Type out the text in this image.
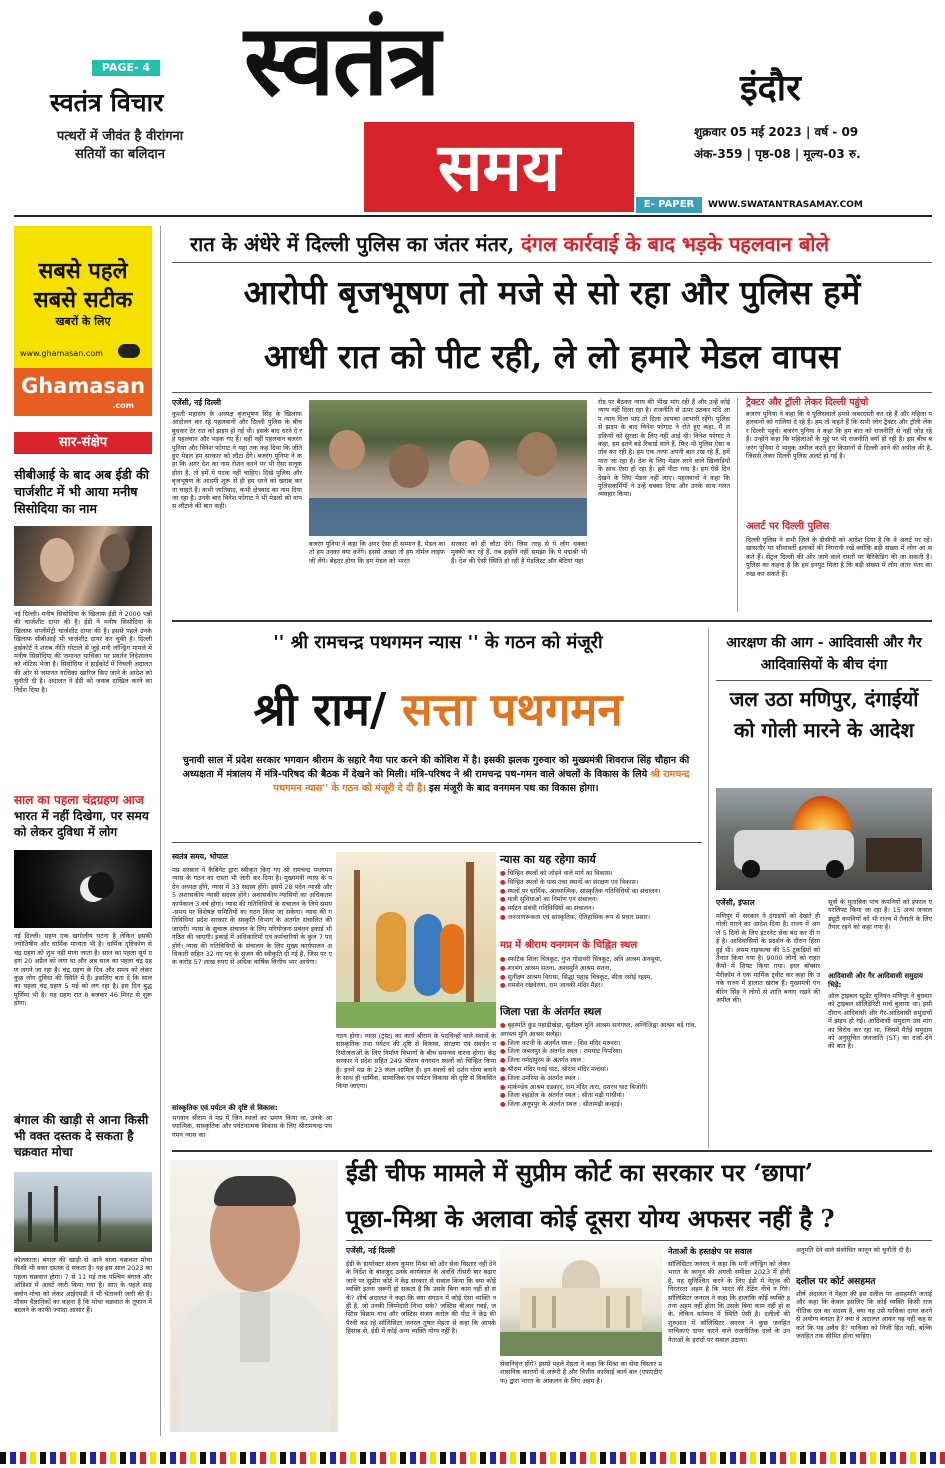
PAGE- 4
स्वतंत्र विचार
पत्थरों में जीवंत है वीरांगना सतियों का बलिदान
स्वतंत्र
समय
इंदौर
शुक्रवार 05 मई 2023 | वर्ष - 09
अंक-359 | पृष्ठ-08 | मूल्य-03 रु.
E- PAPER	WWW.SWATANTRASAMAY.COM
सबसे पहले
सबसे सटीक
खबरों के लिए
www.ghamasan.com
Ghamasan
.com
सार-संक्षेप
सीबीआई के बाद अब ईडी की चार्जशीट में भी आया मनीष सिसोदिया का नाम
नई दिल्ली। मनीष सिसोदिया के खिलाफ ईडी ने 2000 पन्नों की चार्जशीट दायर की है। ईडी ने मनीष सिसोदिया के खिलाफ सप्लीमेंट्री चार्जशीट दायर की है। इससे पहले उनके खिलाफ सीबीआई भी चार्जशीट दायर कर चुकी है। दिल्ली हाईकोर्ट ने शराब नीति घोटाले से जुड़े मनी लॉन्ड्रिंग मामले में मनीष सिसोदिया की जमानत याचिका पर प्रवर्तन निदेशालय को नोटिस भेजा है। सिसोदिया ने हाईकोर्ट में निचली अदालत की ओर से जमानत याचिका खारिज किए जाने के आदेश को चुनौती दी है। अदालत ने ईडी को जवाब दाखिल करने का निर्देश दिया है।
साल का पहला चंद्रग्रहण आज
भारत में नहीं दिखेगा, पर समय को लेकर दुविधा में लोग
नई दिल्ली। ग्रहण एक खगोलीय घटना है लेकिन इसकी ज्योतिषीय और धार्मिक मान्यता भी है। धार्मिक दृष्टिकोण से चंद्र ग्रहण को शुभ नहीं माना जाता है। साल का पहला सूर्य ग्रहण 20 अप्रैल को लगा था और अब साल का पहला चंद्र ग्रहण लगने जा रहा है। चंद्र ग्रहण के दिन और समय को लेकर कुछ लोग दुविधा की स्थिति में हैं। इसलिए बता दें कि साल का पहला चंद्र ग्रहण 5 मई को लग रहा है। इस दिन बुद्ध पूर्णिमा भी है। यह ग्रहण रात 8 बजकर 46 मिनट से शुरू होगा।
बंगाल की खाड़ी से आना किसी भी वक्त दस्तक दे सकता है चक्रवात मोचा
कोलकाता। बंगाल की खाड़ी से आने वाला चक्रवात मोचा किसी भी वक्त दस्तक दे सकता है। यह इस साल 2023 का पहला चक्रवात होगा। 7 से 11 मई तक पश्चिम बंगाल और ओडिशा में अलर्ट जारी किया गया है। सात के पहले साइक्लोन मोचा को लेकर आईएमडी ने भी चेतावनी जारी की है। मौसम वैज्ञानिकों का कहना है कि मोचा चक्रवात के तूफान में बदलने के काफी ज्यादा आसार हैं।
रात के अंधेरे में दिल्ली पुलिस का जंतर मंतर, दंगल कार्रवाई के बाद भड़के पहलवान बोले
आरोपी बृजभूषण तो मजे से सो रहा और पुलिस हमें
आधी रात को पीट रही, ले लो हमारे मेडल वापस
एजेंसी, नई दिल्ली
कुश्ती महासंघ के अध्यक्ष बृजभूषण सिंह के खिलाफ आंदोलन कर रहे पहलवानों और दिल्ली पुलिस के बीच बुधवार देर रात को झड़प हो गई थी। इसके बाद धरने दे रहे पहलवान और भड़क गए हैं। वहीं नहीं पहलवान बजरंग पूनिया और विनेश फोगाट ने यहां तक कह दिया कि जीते हुए मेडल हम सरकार को लौटा देंगे। बजरंग पूनिया ने कहा कि अगर देश का नाम रोशन करने पर भी ऐसा सलूक होता है, तो हमें ये पदक नहीं चाहिए। दिखे पुलिस और बृजभूषण के आदमी शुरू से ही हम धरने को खराब करना चाहते हैं। कभी जातिवाद, कभी क्षेत्रवाद का नाम दिया जा रहा है। उनके बाद विनेश फोगाट ने भी मेडलों को वापस लौटाने की बात कही।
बजरंग पूनिया ने कहा कि अगर ऐसा ही सम्मान है, मेडल का तो हम उनका क्या करेंगे। इससे अच्छा तो हम नॉर्मल लाइफ जी लेंगे। बेहतर होगा कि हम मेडल को भारत
सरकार को ही लौटा देंगे। जिस तरह से ये लोग धक्का मुक्की कर रहे हैं, तब इन्होंने नहीं समझा कि ये पद्मश्री भी हैं। देश की ऐसी स्थिति हो रही है मेडलिस्ट और बेटियां यहां
रोड पर बैठकर न्याय की भीख मांग रही हैं और उन्हें कोई न्याय नहीं दिला रहा है। राजनीति से ऊपर उठकर यदि आप न्याय दिला पाएं तो दिला आपका आभारी रहेंगे। पुलिस से झड़प के बाद विनेश फोगाट ने रोते हुए कहा, मैं लड़कियों को सुरक्षा के लिए नहीं आई थी। विनेश फोगाट ने कहा, हम इतने बड़े रिकार्ड वाले हैं, फिर भी पुलिस ऐसा बर्ताव कर रही है। हम एक तरफ अपनी बात रख रहे हैं, हमें मारा जा रहा है। देश के लिए मेडल लाने वाले खिलाड़ियों के साथ ऐसा हो रहा है। हमें पीटा गया है। हम ऐसे दिन देखने के लिए मेडल नहीं लाए। पहलवानों ने कहा कि पुलिसकर्मियों ने उन्हें धक्का दिया और उनके साथ गलत व्यवहार किया।
ट्रैक्टर और ट्रॉली लेकर दिल्ली पहुंचो
बजरंग पूनिया ने कहा कि ये पुलिसवाले हमसे जबरदस्ती कर रहे हैं और महिला पहलवानों को गालियां दे रहे हैं। हम तो कहते हैं कि सभी लोग ट्रैक्टर और ट्रॉली लेकर दिल्ली पहुंचें। बजरंग पूनिया ने कहा कि हम बात को राजनीति से नहीं जोड़ रहे हैं। उन्होंने कहा कि महिलाओं के मुद्दे पर भी राजनीति क्यों हो रही है। इस बीच बजरंग पूनिया ने भावुक अपील करते हुए किसानों से दिल्ली आने की अपील की है, जिससे लेकर दिल्ली पुलिस अलर्ट हो गई है।
अलर्ट पर दिल्ली पुलिस
दिल्ली पुलिस ने सभी जिले के डीसीपी को आदेश दिया है कि वे अलर्ट पर रहें। खासतौर पर सीमावर्ती इलाकों की निगरानी रखें क्योंकि बड़ी संख्या में लोग आ सकते हैं। सेंट्रल दिल्ली की ओर जाने वाले रास्तों पर बैरिकेडिंग की जा सकती है। पुलिस का कहना है कि हम इनपुट मिला है कि बड़ी संख्या में लोग जंतर मंतर का रुख कर सकते हैं।
'' श्री रामचन्द्र पथगमन न्यास '' के गठन को मंजूरी
श्री राम/ सत्ता पथगमन
चुनावी साल में प्रदेश सरकार भगवान श्रीराम के सहारे नैया पार करने की कोशिश में है। इसकी झलक गुरुवार को मुख्यमंत्री शिवराज सिंह चौहान की अध्यक्षता में मंत्रालय में मंत्रि-परिषद की बैठक में देखने को मिली। मंत्रि-परिषद ने श्री रामचन्द्र पथ-गमन वाले अंचलों के विकास के लिये श्री रामचन्द्र पथगमन न्यास'' के गठन को मंजूरी दे दी है। इस मंजूरी के बाद वनगमन पथ का विकास होगा।
स्वतंत्र समय, भोपाल
मप्र सरकार ने कैबिनेट द्वारा स्वीकृत किए गए श्री रामचन्द्र पथगमन न्यास के गठन का रास्ता भी जारी कर दिया है। मुख्यमंत्री न्यास के पदेन अध्यक्ष होंगे, न्यास में 33 सदस्य होंगे। इसमें 28 पदेन न्यासी और 5 अशासकीय न्यासी सदस्य होंगे। अशासकीय न्यासियों का अधिकतम कार्यकाल 3 वर्ष होगा। न्यास की गतिविधियों के संचालन के लिये समय-समय पर विशेषज्ञ समितियों का गठन किया जा सकेगा। न्यास की गतिविधियां प्रदेश सरकार के संस्कृति विभाग के अंतर्गत संचालित की जाएंगी। न्यास के सुचारू संचालन के लिए परियोजना प्रबंधन इकाई भी गठित की जाएगी। इकाई में अधिकारियों एवं कर्मचारियों के कुल 7 पद होंगे। न्यास की गतिविधियों के संचालन के लिए मुख्य कार्यपालन अधिकारी सहित 32 नए पद के सृजन की स्वीकृति दी गई है, जिस पर एक करोड़ 57 लाख रुपए से अधिक वार्षिक वित्तीय भार आयेगा।
सांस्कृतिक एवं पर्यटन की दृष्टि से विकास:
भगवान श्रीराम ने मप्र में जिन स्थलों का भ्रमण किया था, उनके आध्यात्मिक, सांस्कृतिक और पर्यटनात्मक विकास के लिए श्रीरामचन्द्र पथगमन न्यास का
गठन होगा। न्यास (ट्रस्ट) का कार्य श्रीराम के पदचिन्हों वाले स्थानों के सांस्कृतिक तथा पर्यटन की दृष्टि से विकास, संरक्षण एवं संवर्धन परियोजनाओं के लिए निर्माण विभागों के बीच समन्वय करना होगा। केंद्र सरकार ने प्रदेश सहित 249 श्रीराम वनगमन स्थलों को चिन्हित किया है। इनमें मप्र के 23 स्थल शामिल हैं। इन स्थलों को दर्शन योग्य बनाने के साथ ही धार्मिक, सामाजिक एवं पर्यटन विकास की दृष्टि से विकसित किया जाएगा।
न्यास का यह रहेगा कार्य
● चिन्हित स्थलों को जोड़ने वाले मार्ग का विकास।
● चिन्हित स्थलों के पास तथा स्थानों का संरक्षण एवं विकास।
● स्थलों पर धार्मिक, आध्यात्मिक, सांस्कृतिक गतिविधियों का संचालन।
● यात्री सुविधाओं का निर्माण एवं संचालन।
● पर्यटन संबंधी गतिविधियों का संचालन।
● जनजागरूकता एवं सांस्कृतिक, ऐतिहासिक रूप से प्रचार प्रसार।
मप्र में श्रीराम वनगमन के चिह्नित स्थल
● स्फटिक शिला चित्रकूट, गुप्त गोदावरी चित्रकूट, अत्रि आश्रम अनसूया,
● शरभंग आश्रम सतना, अश्वमुनि आश्रम सतना,
● सुतीक्ष्ण आश्रम विराधा, सिद्धा पहाड़ चित्रकूट, सीता रसोई रहस्य,
● रामसेन रखवेरणा, राम जानकी मंदिर मैहर।
जिला पन्ना के अंतर्गत स्थल
● बृहस्पति कुंड पहाड़ीखेड़ा, सुतीक्ष्ण मुनि आश्रम सारंगधर, अग्निजिह्वा आश्रम बड़े गांव, अगस्त्य मुनि आश्रम सलेहा।
● जिला कटनी के अंतर्गत स्थल : शिव मंदिर मरुवरा।
● जिला जबलपुर के अंतर्गत स्थल : रामघाट पिपरिया।
● जिला नर्मदापुरम के अंतर्गत स्थल :
● श्रीराम मंदिर पवई घाट, श्रीराम मंदिर मन्दसा।
● जिला उमरिया के अंतर्गत स्थल :
● मार्कण्डेय आश्रम दंडकार, राम मंदिर तारा, दशरथ घाट बिजोरी।
● जिला शहडोल के अंतर्गत स्थल : सीता मढ़ी गांधीयां।
● जिला अनूपपुर के अंतर्गत स्थल : सीतामढ़ी कन्हाई।
आरक्षण की आग - आदिवासी और गैर आदिवासियों के बीच दंगा
जल उठा मणिपुर, दंगाईयों को गोली मारने के आदेश
एजेंसी, इंफाल
मणिपुर में सरकार ने दंगाइयों को देखते ही गोली मारने का आदेश दिया है। राज्य में अगले 5 दिनों के लिए इंटरनेट सेवा बंद कर दी गई है। आदिवासियों के प्रदर्शन के दौरान हिंसा हुई थी। असम राइफल्स की 55 टुकड़ियों को तैनात किया गया है। 9000 लोगों को राहत कैंपों में शिफ्ट किया गया। इधर बॉक्सर मैरीकॉम ने एक मार्मिक ट्वीट कर कहा कि उनके राज्य में हालात खराब हैं। मुख्यमंत्री एन बीरेन सिंह ने लोगों से शांति बनाए रखने की अपील की।
सूत्रों के मुताबिक पांच कंपनियों को इंफाल एयरलिफ्ट किया जा रहा है। 15 अन्य जनरल ड्यूटी कंपनियों को भी राज्य में तैनाती के लिए तैयार रहने को कहा गया है।
आदिवासी और गैर आदिवासी समुदाय भिड़े:
ऑल ट्राइबल स्टूडेंट यूनियन मणिपुर ने बुधवार को ट्राइबल सॉलिडेरिटी मार्च बुलाया था। इसी दौरान आदिवासी और गैर-आदिवासी समुदायों में झड़प हो गई। आदिवासी समुदाय उस मांग का विरोध कर रहा था, जिसमें मैतेई समुदाय को अनुसूचित जनजाति (ST) का दर्जा देने की बात है।
ईडी चीफ मामले में सुप्रीम कोर्ट का सरकार पर ‘छापा’
पूछा-मिश्रा के अलावा कोई दूसरा योग्य अफसर नहीं है ?
एजेंसी, नई दिल्ली
ईडी के डायरेक्टर संजय कुमार मिश्रा को और सेवा विस्तार नहीं देने के निर्देश के बावजूद उनके कार्यकाल के अवधि तीसरी बार बढ़ाए जाने पर सुप्रीम कोर्ट ने केंद्र सरकार से सवाल किया कि क्या कोई व्यक्ति इतना जरूरी हो सकता है कि उसके बिना काम नहीं हो सके? शीर्ष अदालत ने कहा कि क्या संगठन में कोई ऐसा व्यक्ति नहीं है, जो उनकी जिम्मेदारी निभा सके? जस्टिस बीआर गवई, जस्टिस विक्रम नाथ और जस्टिस संजय करोल की पीठ ने केंद्र की पैरवी कर रहे सॉलिसिटर जनरल तुषार मेहता से कहा कि आपके हिसाब से, ईडी में कोई अन्य व्यक्ति योग्य नहीं है।
सेवानिवृत्त होंगे? इससे पहले मेहता ने कहा कि मिश्रा का सेवा विस्तार प्रशासनिक कारणों से जरूरी है और वित्तीय कार्रवाई कार्य बल (एफएटीएफ) द्वारा भारत के आकलन के लिए अहम है।
नेताओं के हस्तक्षेप पर सवाल
सॉलिसिटर जनरल ने कहा कि मनी लॉन्ड्रिंग को लेकर भारत के कानून की अगली समीक्षा 2023 में होनी है, यह सुनिश्चित करने के लिए ईडी में नेतृत्व की निरंतरता अहम है कि भारत की रेटिंग नीचे न गिरे। सॉलिसिटर जनरल ने कहा कि हालांकि कोई व्यक्ति इतना अहम नहीं होता कि उसके बिना काम नहीं हो सके, लेकिन वर्तमान में स्थिति ऐसी है। दलीलों की शुरुआत में सॉलिसिटर जनरल ने कुछ जनहित याचिकाएं दायर करने वाले राजनीतिक दलों के उन नेताओं के इरादों पर सवाल उठाया।
अनुमति देने वाले संशोधित कानून को चुनौती दी है।
दलील पर कोर्ट असहमत
शीर्ष अदालत ने मेहता की इस दलील पर असहमति जताई और कहा कि केवल इसलिए कि कोई व्यक्ति किसी राजनीतिक दल का सदस्य है, क्या यह उसे याचिका दायर करने से अयोग्य बनाता है? क्या वे अदालत आकर यह नहीं कह सकते कि यह अवैध है? याचिका को निजी हित नहीं, बल्कि जनहित तक सीमित होना चाहिए।
